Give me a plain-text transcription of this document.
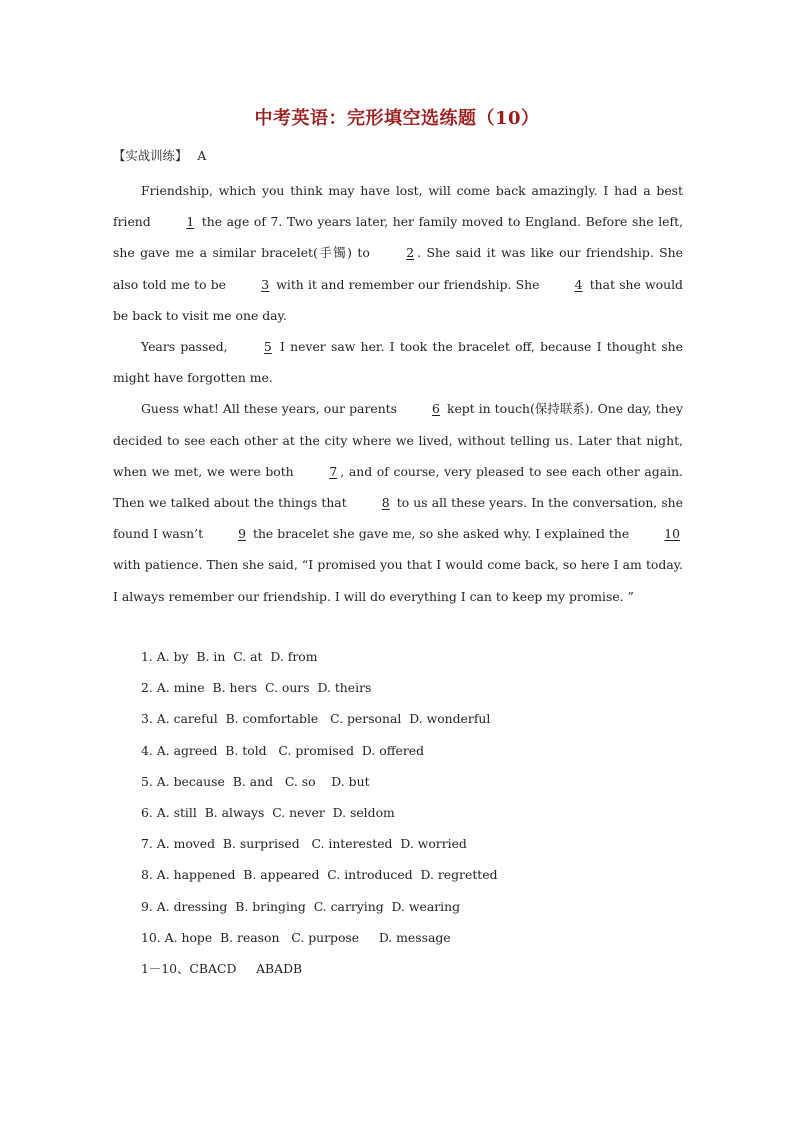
中考英语：完形填空选练题（10）
【实战训练】 A

Friendship, which you think may have lost, will come back amazingly. I had a best friend	1 the age of 7. Two years later, her family moved to England. Before she left, she gave me a similar bracelet(手镯) to	2 . She said it was like our friendship. She also told me to be	3 with it and remember our friendship. She	4 that she would be back to visit me one day.

Years passed,	5 I never saw her. I took the bracelet off, because I thought she might have forgotten me.

Guess what! All these years, our parents	6 kept in touch(保持联系). One day, they decided to see each other at the city where we lived, without telling us. Later that night, when we met, we were both	7 , and of course, very pleased to see each other again. Then we talked about the things that	8 to us all these years. In the conversation, she found I wasn’t	9 the bracelet she gave me, so she asked why. I explained the	10 with patience. Then she said, “I promised you that I would come back, so here I am today. I always remember our friendship. I will do everything I can to keep my promise. ”

1. A. by  B. in  C. at  D. from
2. A. mine  B. hers  C. ours  D. theirs
3. A. careful  B. comfortable   C. personal  D. wonderful
4. A. agreed  B. told   C. promised  D. offered
5. A. because  B. and   C. so    D. but
6. A. still  B. always  C. never  D. seldom
7. A. moved  B. surprised   C. interested  D. worried
8. A. happened  B. appeared  C. introduced  D. regretted
9. A. dressing  B. bringing  C. carrying  D. wearing
10. A. hope  B. reason   C. purpose     D. message
1－10、CBACD     ABADB
